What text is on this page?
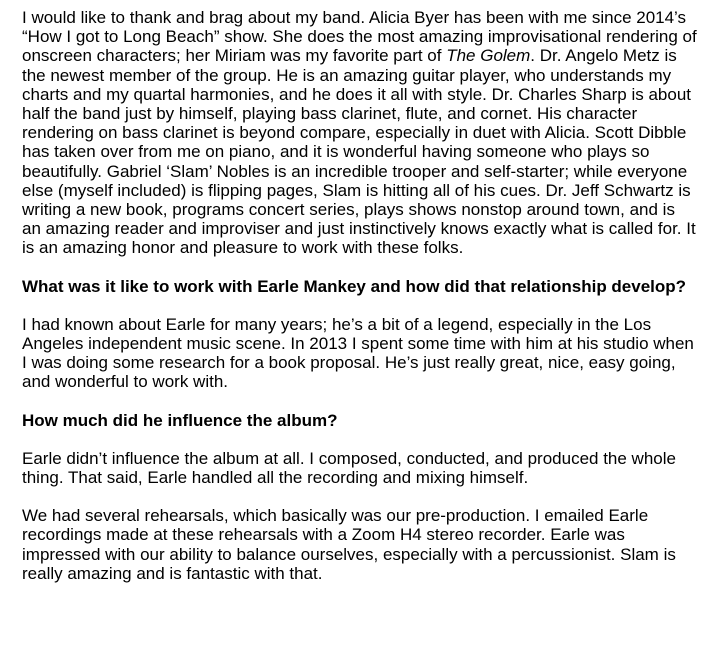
I would like to thank and brag about my band. Alicia Byer has been with me since 2014’s “How I got to Long Beach” show. She does the most amazing improvisational rendering of onscreen characters; her Miriam was my favorite part of The Golem. Dr. Angelo Metz is the newest member of the group. He is an amazing guitar player, who understands my charts and my quartal harmonies, and he does it all with style. Dr. Charles Sharp is about half the band just by himself, playing bass clarinet, flute, and cornet. His character rendering on bass clarinet is beyond compare, especially in duet with Alicia. Scott Dibble has taken over from me on piano, and it is wonderful having someone who plays so beautifully. Gabriel ‘Slam’ Nobles is an incredible trooper and self-starter; while everyone else (myself included) is flipping pages, Slam is hitting all of his cues. Dr. Jeff Schwartz is writing a new book, programs concert series, plays shows nonstop around town, and is an amazing reader and improviser and just instinctively knows exactly what is called for. It is an amazing honor and pleasure to work with these folks.

What was it like to work with Earle Mankey and how did that relationship develop?

I had known about Earle for many years; he’s a bit of a legend, especially in the Los Angeles independent music scene. In 2013 I spent some time with him at his studio when I was doing some research for a book proposal. He’s just really great, nice, easy going, and wonderful to work with.

How much did he influence the album?

Earle didn’t influence the album at all. I composed, conducted, and produced the whole thing. That said, Earle handled all the recording and mixing himself.

We had several rehearsals, which basically was our pre-production. I emailed Earle recordings made at these rehearsals with a Zoom H4 stereo recorder. Earle was impressed with our ability to balance ourselves, especially with a percussionist. Slam is really amazing and is fantastic with that.
